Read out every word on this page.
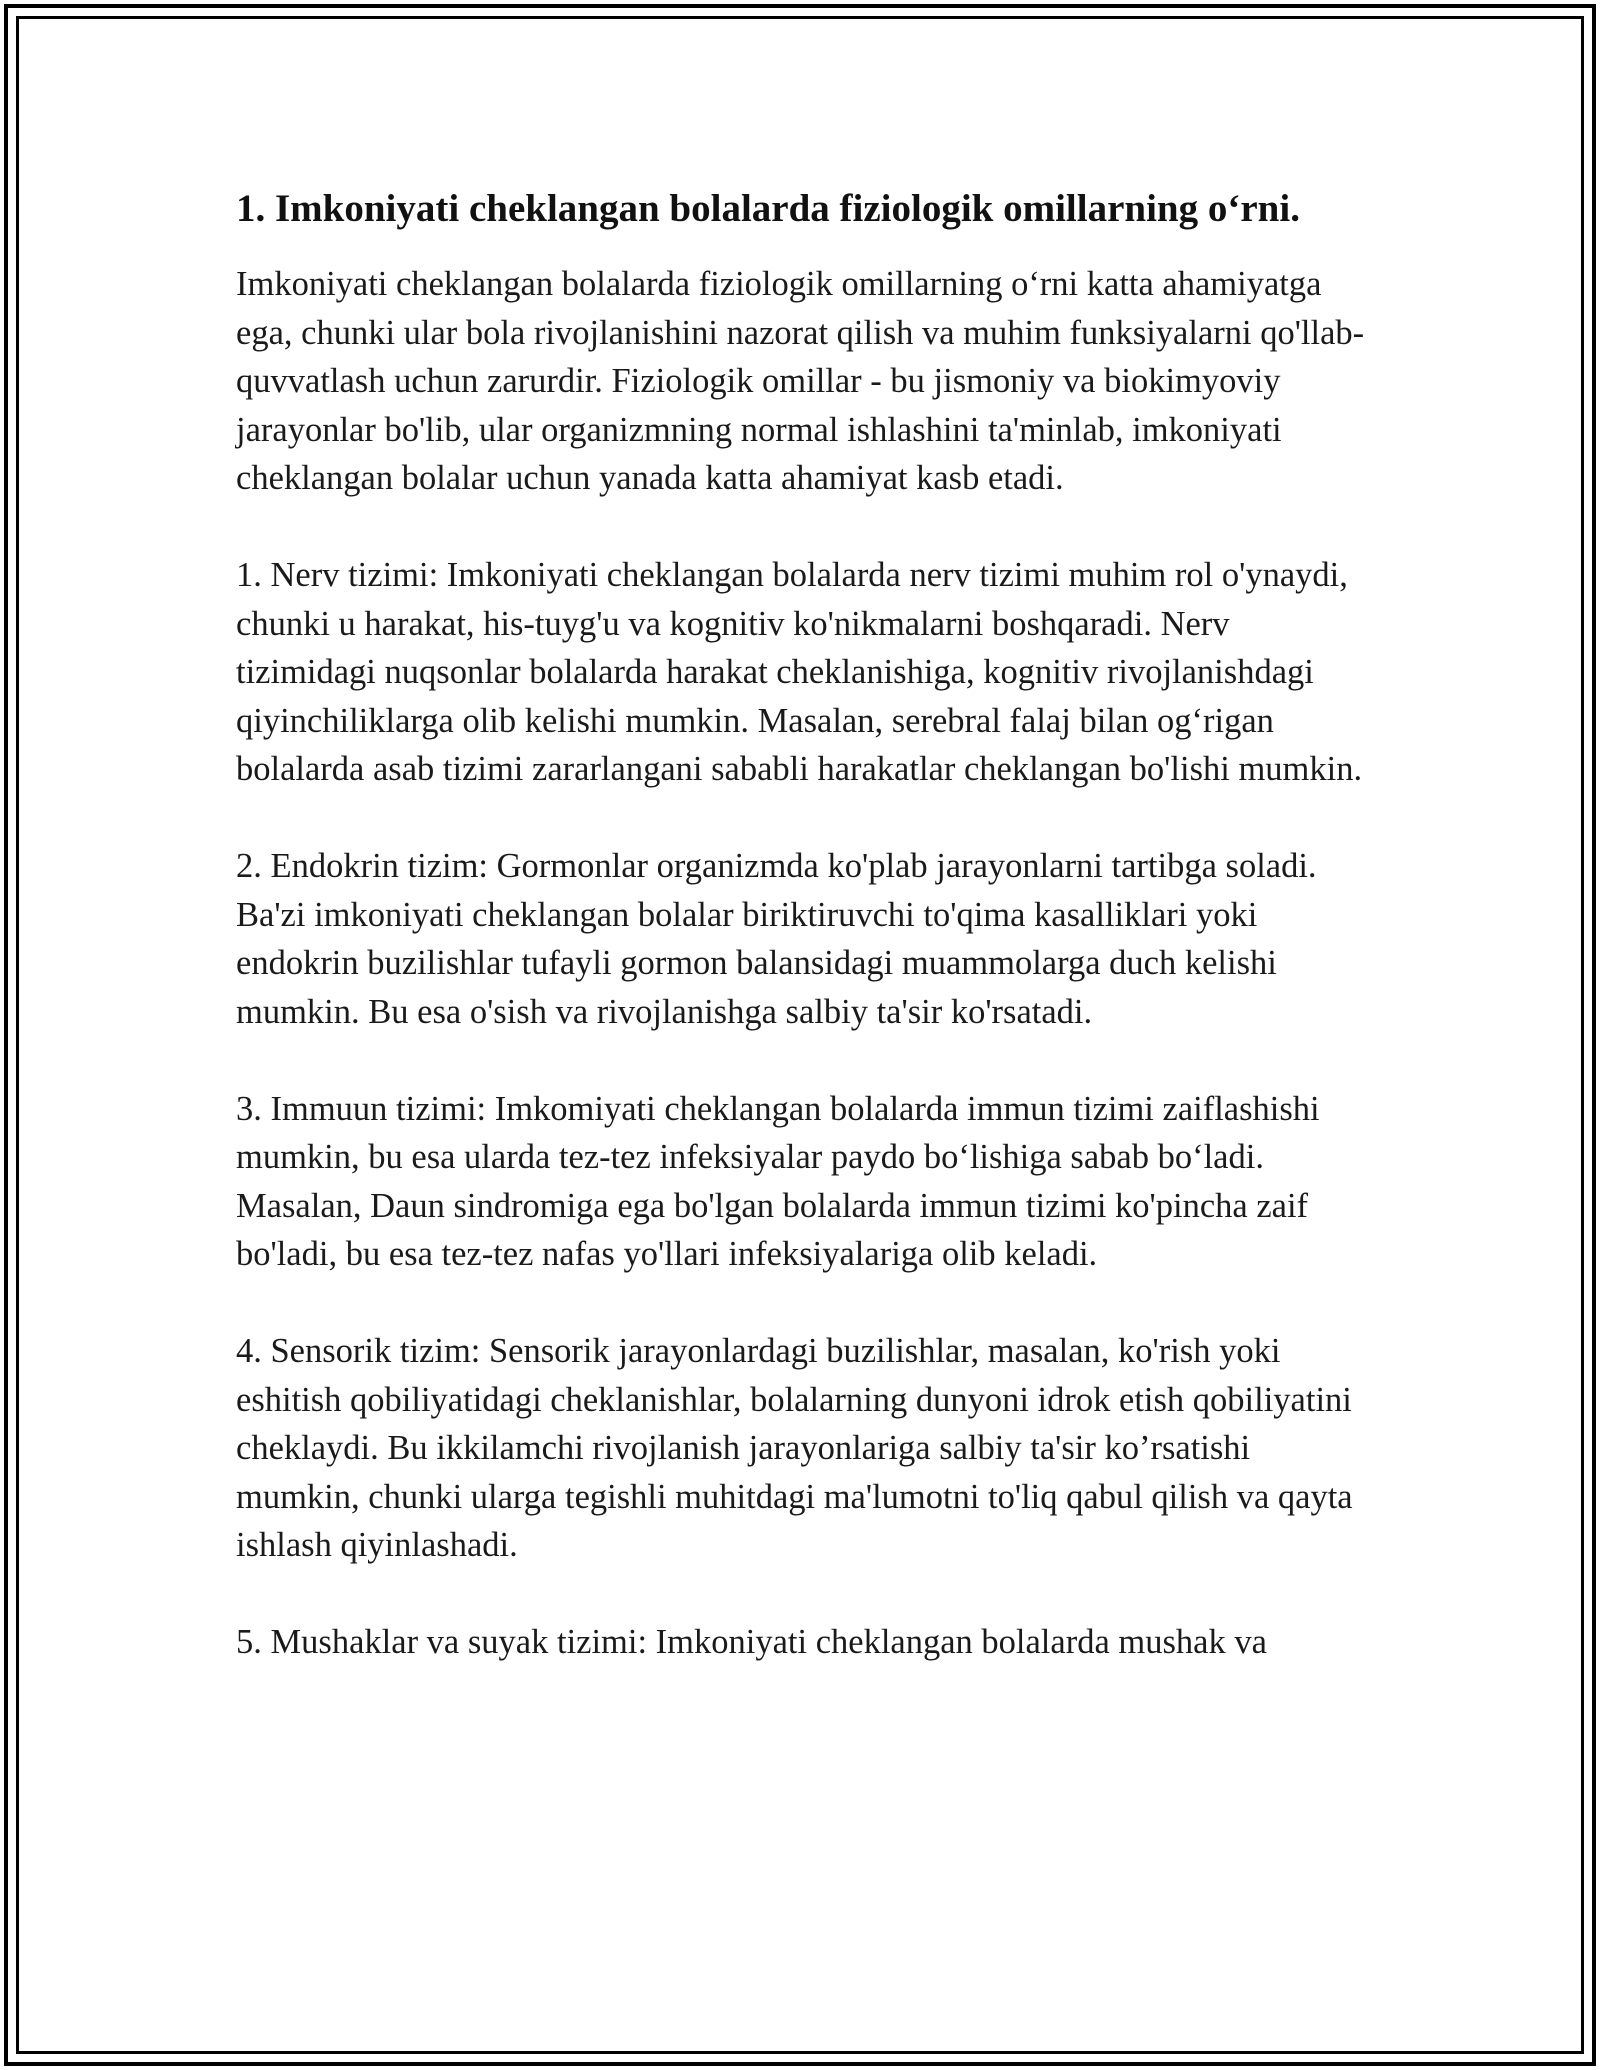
1. Imkoniyati cheklangan bolalarda fiziologik omillarning o‘rni.

Imkoniyati cheklangan bolalarda fiziologik omillarning o‘rni katta ahamiyatga ega, chunki ular bola rivojlanishini nazorat qilish va muhim funksiyalarni qo'llab-quvvatlash uchun zarurdir. Fiziologik omillar - bu jismoniy va biokimyoviy jarayonlar bo'lib, ular organizmning normal ishlashini ta'minlab, imkoniyati cheklangan bolalar uchun yanada katta ahamiyat kasb etadi.

1. Nerv tizimi: Imkoniyati cheklangan bolalarda nerv tizimi muhim rol o'ynaydi, chunki u harakat, his-tuyg'u va kognitiv ko'nikmalarni boshqaradi. Nerv tizimidagi nuqsonlar bolalarda harakat cheklanishiga, kognitiv rivojlanishdagi qiyinchiliklarga olib kelishi mumkin. Masalan, serebral falaj bilan og‘rigan bolalarda asab tizimi zararlangani sababli harakatlar cheklangan bo'lishi mumkin.

2. Endokrin tizim: Gormonlar organizmda ko'plab jarayonlarni tartibga soladi. Ba'zi imkoniyati cheklangan bolalar biriktiruvchi to'qima kasalliklari yoki endokrin buzilishlar tufayli gormon balansidagi muammolarga duch kelishi mumkin. Bu esa o'sish va rivojlanishga salbiy ta'sir ko'rsatadi.

3. Immuun tizimi: Imkomiyati cheklangan bolalarda immun tizimi zaiflashishi mumkin, bu esa ularda tez-tez infeksiyalar paydo bo‘lishiga sabab bo‘ladi. Masalan, Daun sindromiga ega bo'lgan bolalarda immun tizimi ko'pincha zaif bo'ladi, bu esa tez-tez nafas yo'llari infeksiyalariga olib keladi.

4. Sensorik tizim: Sensorik jarayonlardagi buzilishlar, masalan, ko'rish yoki eshitish qobiliyatidagi cheklanishlar, bolalarning dunyoni idrok etish qobiliyatini cheklaydi. Bu ikkilamchi rivojlanish jarayonlariga salbiy ta'sir ko’rsatishi mumkin, chunki ularga tegishli muhitdagi ma'lumotni to'liq qabul qilish va qayta ishlash qiyinlashadi.

5. Mushaklar va suyak tizimi: Imkoniyati cheklangan bolalarda mushak va
